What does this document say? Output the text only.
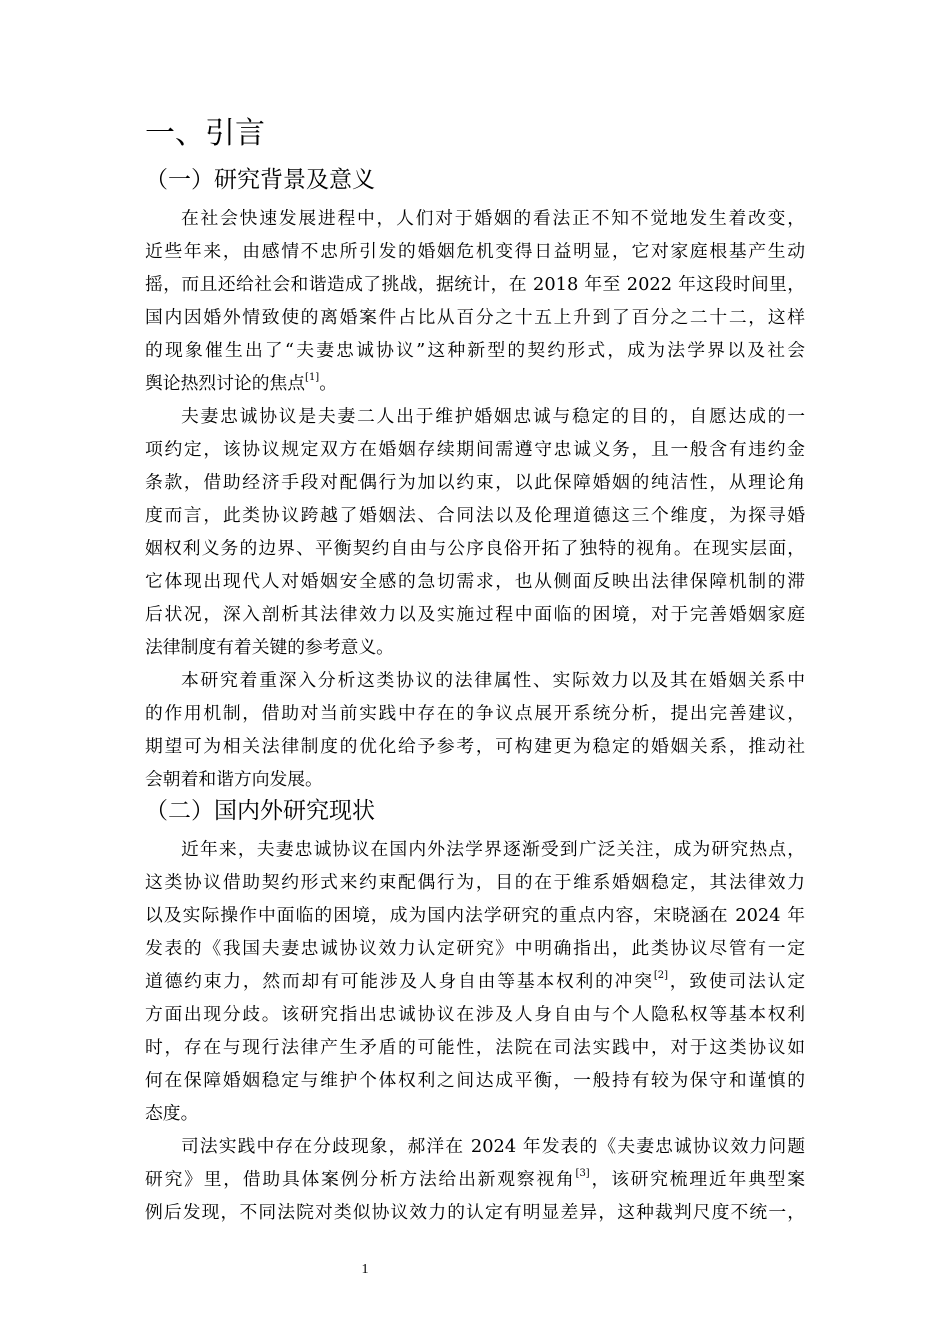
一、引言
（一）研究背景及意义
在社会快速发展进程中，人们对于婚姻的看法正不知不觉地发生着改变，
近些年来，由感情不忠所引发的婚姻危机变得日益明显，它对家庭根基产生动
摇，而且还给社会和谐造成了挑战，据统计，在 2018 年至 2022 年这段时间里，
国内因婚外情致使的离婚案件占比从百分之十五上升到了百分之二十二，这样
的现象催生出了“夫妻忠诚协议”这种新型的契约形式，成为法学界以及社会
舆论热烈讨论的焦点[1]。
夫妻忠诚协议是夫妻二人出于维护婚姻忠诚与稳定的目的，自愿达成的一
项约定，该协议规定双方在婚姻存续期间需遵守忠诚义务，且一般含有违约金
条款，借助经济手段对配偶行为加以约束，以此保障婚姻的纯洁性，从理论角
度而言，此类协议跨越了婚姻法、合同法以及伦理道德这三个维度，为探寻婚
姻权利义务的边界、平衡契约自由与公序良俗开拓了独特的视角。在现实层面，
它体现出现代人对婚姻安全感的急切需求，也从侧面反映出法律保障机制的滞
后状况，深入剖析其法律效力以及实施过程中面临的困境，对于完善婚姻家庭
法律制度有着关键的参考意义。
本研究着重深入分析这类协议的法律属性、实际效力以及其在婚姻关系中
的作用机制，借助对当前实践中存在的争议点展开系统分析，提出完善建议，
期望可为相关法律制度的优化给予参考，可构建更为稳定的婚姻关系，推动社
会朝着和谐方向发展。
（二）国内外研究现状
近年来，夫妻忠诚协议在国内外法学界逐渐受到广泛关注，成为研究热点，
这类协议借助契约形式来约束配偶行为，目的在于维系婚姻稳定，其法律效力
以及实际操作中面临的困境，成为国内法学研究的重点内容，宋晓涵在 2024 年
发表的《我国夫妻忠诚协议效力认定研究》中明确指出，此类协议尽管有一定
道德约束力，然而却有可能涉及人身自由等基本权利的冲突[2]，致使司法认定
方面出现分歧。该研究指出忠诚协议在涉及人身自由与个人隐私权等基本权利
时，存在与现行法律产生矛盾的可能性，法院在司法实践中，对于这类协议如
何在保障婚姻稳定与维护个体权利之间达成平衡，一般持有较为保守和谨慎的
态度。
司法实践中存在分歧现象，郝洋在 2024 年发表的《夫妻忠诚协议效力问题
研究》里，借助具体案例分析方法给出新观察视角[3]，该研究梳理近年典型案
例后发现，不同法院对类似协议效力的认定有明显差异，这种裁判尺度不统一，
1
